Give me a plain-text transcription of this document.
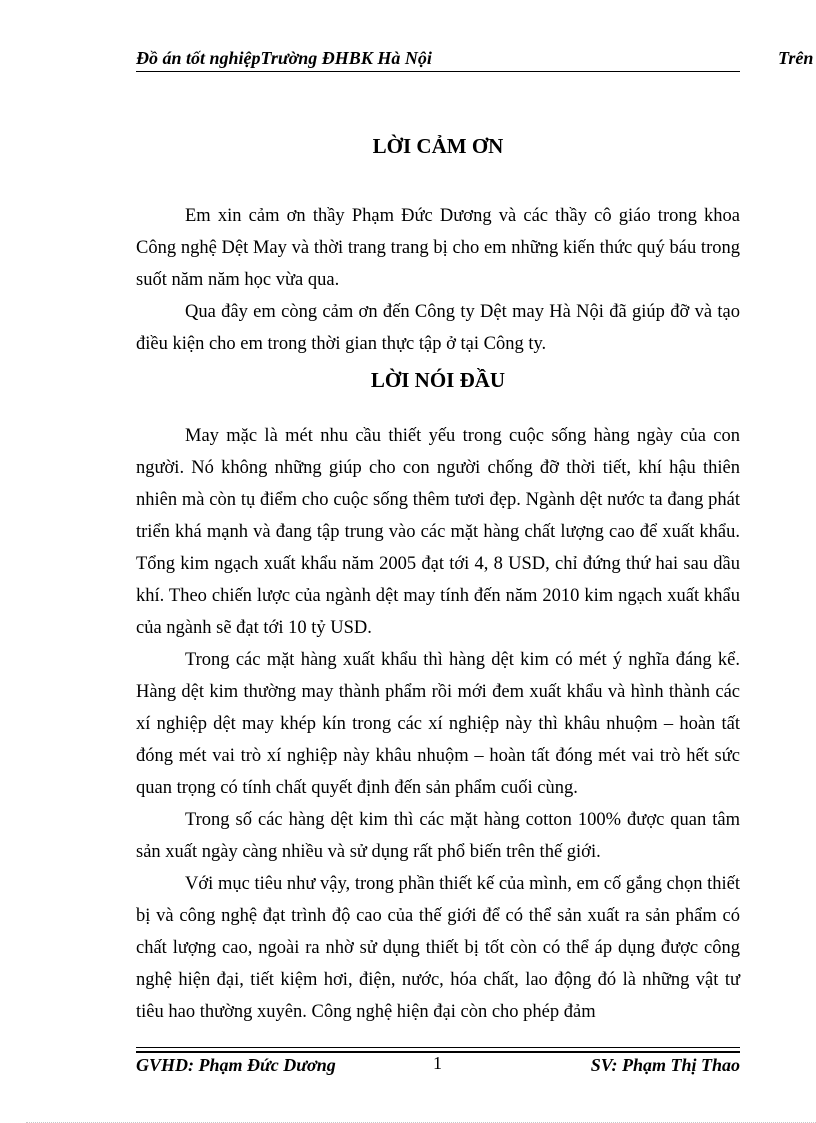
Đồ án tốt nghiệpTrường ĐHBK Hà Nội	Trên
LỜI CẢM ƠN

Em xin cảm ơn thầy Phạm Đức Dương và các thầy cô giáo trong khoa Công nghệ Dệt May và thời trang trang bị cho em những kiến thức quý báu trong suốt năm năm học vừa qua.

Qua đây em còng cảm ơn đến Công ty Dệt may Hà Nội đã giúp đỡ và tạo điều kiện cho em trong thời gian thực tập ở tại Công ty.

LỜI NÓI ĐẦU

May mặc là mét nhu cầu thiết yếu trong cuộc sống hàng ngày của con người. Nó không những giúp cho con người chống đỡ thời tiết, khí hậu thiên nhiên mà còn tụ điểm cho cuộc sống thêm tươi đẹp. Ngành dệt nước ta đang phát triển khá mạnh và đang tập trung vào các mặt hàng chất lượng cao để xuất khẩu. Tổng kim ngạch xuất khẩu năm 2005 đạt tới 4, 8 USD, chỉ đứng thứ hai sau dầu khí. Theo chiến lược của ngành dệt may tính đến năm 2010 kim ngạch xuất khẩu của ngành sẽ đạt tới 10 tỷ USD.

Trong các mặt hàng xuất khẩu thì hàng dệt kim có mét ý nghĩa đáng kể. Hàng dệt kim thường may thành phẩm rồi mới đem xuất khẩu và hình thành các xí nghiệp dệt may khép kín trong các xí nghiệp này thì khâu nhuộm – hoàn tất đóng mét vai trò xí nghiệp này khâu nhuộm – hoàn tất đóng mét vai trò hết sức quan trọng có tính chất quyết định đến sản phẩm cuối cùng.

Trong số các hàng dệt kim thì các mặt hàng cotton 100% được quan tâm sản xuất ngày càng nhiều và sử dụng rất phổ biến trên thế giới.

Với mục tiêu như vậy, trong phần thiết kế của mình, em cố gắng chọn thiết bị và công nghệ đạt trình độ cao của thế giới để có thể sản xuất ra sản phẩm có chất lượng cao, ngoài ra nhờ sử dụng thiết bị tốt còn có thể áp dụng được công nghệ hiện đại, tiết kiệm hơi, điện, nước, hóa chất, lao động đó là những vật tư tiêu hao thường xuyên. Công nghệ hiện đại còn cho phép đảm

GVHD: Phạm Đức Dương	1	SV: Phạm Thị Thao
